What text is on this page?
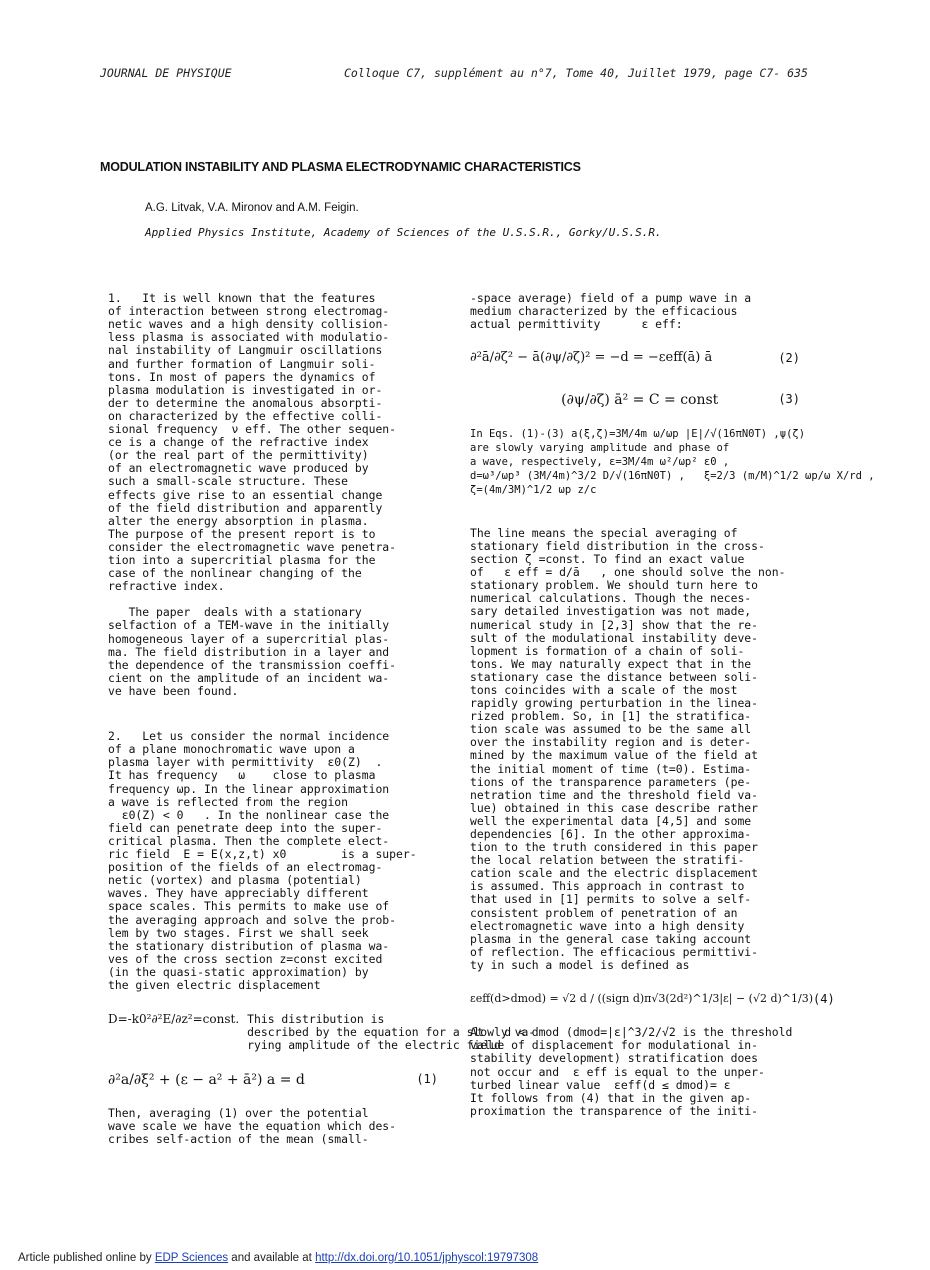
JOURNAL DE PHYSIQUE	Colloque C7, supplément au n°7, Tome 40, Juillet 1979, page C7- 635
MODULATION INSTABILITY AND PLASMA ELECTRODYNAMIC CHARACTERISTICS
A.G. Litvak, V.A. Mironov and A.M. Feigin.
Applied Physics Institute, Academy of Sciences of the U.S.S.R., Gorky/U.S.S.R.

1.   It is well known that the features
of interaction between strong electromag-
netic waves and a high density collision-
less plasma is associated with modulatio-
nal instability of Langmuir oscillations
and further formation of Langmuir soli-
tons. In most of papers the dynamics of
plasma modulation is investigated in or-
der to determine the anomalous absorpti-
on characterized by the effective colli-
sional frequency  ν eff. The other sequen-
ce is a change of the refractive index
(or the real part of the permittivity)
of an electromagnetic wave produced by
such a small-scale structure. These
effects give rise to an essential change
of the field distribution and apparently
alter the energy absorption in plasma.
The purpose of the present report is to
consider the electromagnetic wave penetra-
tion into a supercritial plasma for the
case of the nonlinear changing of the
refractive index.

The paper  deals with a stationary
selfaction of a TEM-wave in the initially
homogeneous layer of a supercritial plas-
ma. The field distribution in a layer and
the dependence of the transmission coeffi-
cient on the amplitude of an incident wa-
ve have been found.

2.   Let us consider the normal incidence
of a plane monochromatic wave upon a
plasma layer with permittivity  ε0(Z)  .
It has frequency   ω    close to plasma
frequency ωp. In the linear approximation
a wave is reflected from the region
ε0(Z) < 0   . In the nonlinear case the
field can penetrate deep into the super-
critical plasma. Then the complete elect-
ric field  E = E(x,z,t) x0        is a super-
position of the fields of an electromag-
netic (vortex) and plasma (potential)
waves. They have appreciably different
space scales. This permits to make use of
the averaging approach and solve the prob-
lem by two stages. First we shall seek
the stationary distribution of plasma wa-
ves of the cross section z=const excited
(in the quasi-static approximation) by
the given electric displacement

D=-k0²∂²E/∂z²=const. This distribution is
described by the equation for a slowly va-
rying amplitude of the electric field

∂²a/∂ξ² + (ε − a² + ā²) a = d	(1)

Then, averaging (1) over the potential
wave scale we have the equation which des-
cribes self-action of the mean (small-

-space average) field of a pump wave in a
medium characterized by the efficacious
actual permittivity      ε eff:

∂²ā/∂ζ² − ā(∂ψ/∂ζ)² = −d = −εeff(ā) ā	(2)

(∂ψ/∂ζ) ā² = C = const	(3)

In Eqs. (1)-(3) a(ξ,ζ)=3M/4m ω/ωp |E|/√(16πN0T) ,ψ(ζ)
are slowly varying amplitude and phase of
a wave, respectively, ε=3M/4m ω²/ωp² ε0 ,
d=ω³/ωp³ (3M/4m)^3/2 D/√(16πN0T) ,   ξ=2/3 (m/M)^1/2 ωp/ω X/rd ,
ζ=(4m/3M)^1/2 ωp z/c

The line means the special averaging of
stationary field distribution in the cross-
section ζ =const. To find an exact value
of   ε eff = d/ā   , one should solve the non-
stationary problem. We should turn here to
numerical calculations. Though the neces-
sary detailed investigation was not made,
numerical study in [2,3] show that the re-
sult of the modulational instability deve-
lopment is formation of a chain of soli-
tons. We may naturally expect that in the
stationary case the distance between soli-
tons coincides with a scale of the most
rapidly growing perturbation in the linea-
rized problem. So, in [1] the stratifica-
tion scale was assumed to be the same all
over the instability region and is deter-
mined by the maximum value of the field at
the initial moment of time (t=0). Estima-
tions of the transparence parameters (pe-
netration time and the threshold field va-
lue) obtained in this case describe rather
well the experimental data [4,5] and some
dependencies [6]. In the other approxima-
tion to the truth considered in this paper
the local relation between the stratifi-
cation scale and the electric displacement
is assumed. This approach in contrast to
that used in [1] permits to solve a self-
consistent problem of penetration of an
electromagnetic wave into a high density
plasma in the general case taking account
of reflection. The efficacious permittivi-
ty in such a model is defined as

εeff(d>dmod) = √2 d / ((sign d)π√3(2d²)^1/3|ε| − (√2 d)^1/3) (4)

At   d < dmod (dmod=|ε|^3/2/√2 is the threshold
value of displacement for modulational in-
stability development) stratification does
not occur and  ε eff is equal to the unper-
turbed linear value  εeff(d ≤ dmod)= ε
It follows from (4) that in the given ap-
proximation the transparence of the initi-

Article published online by EDP Sciences and available at http://dx.doi.org/10.1051/jphyscol:19797308
